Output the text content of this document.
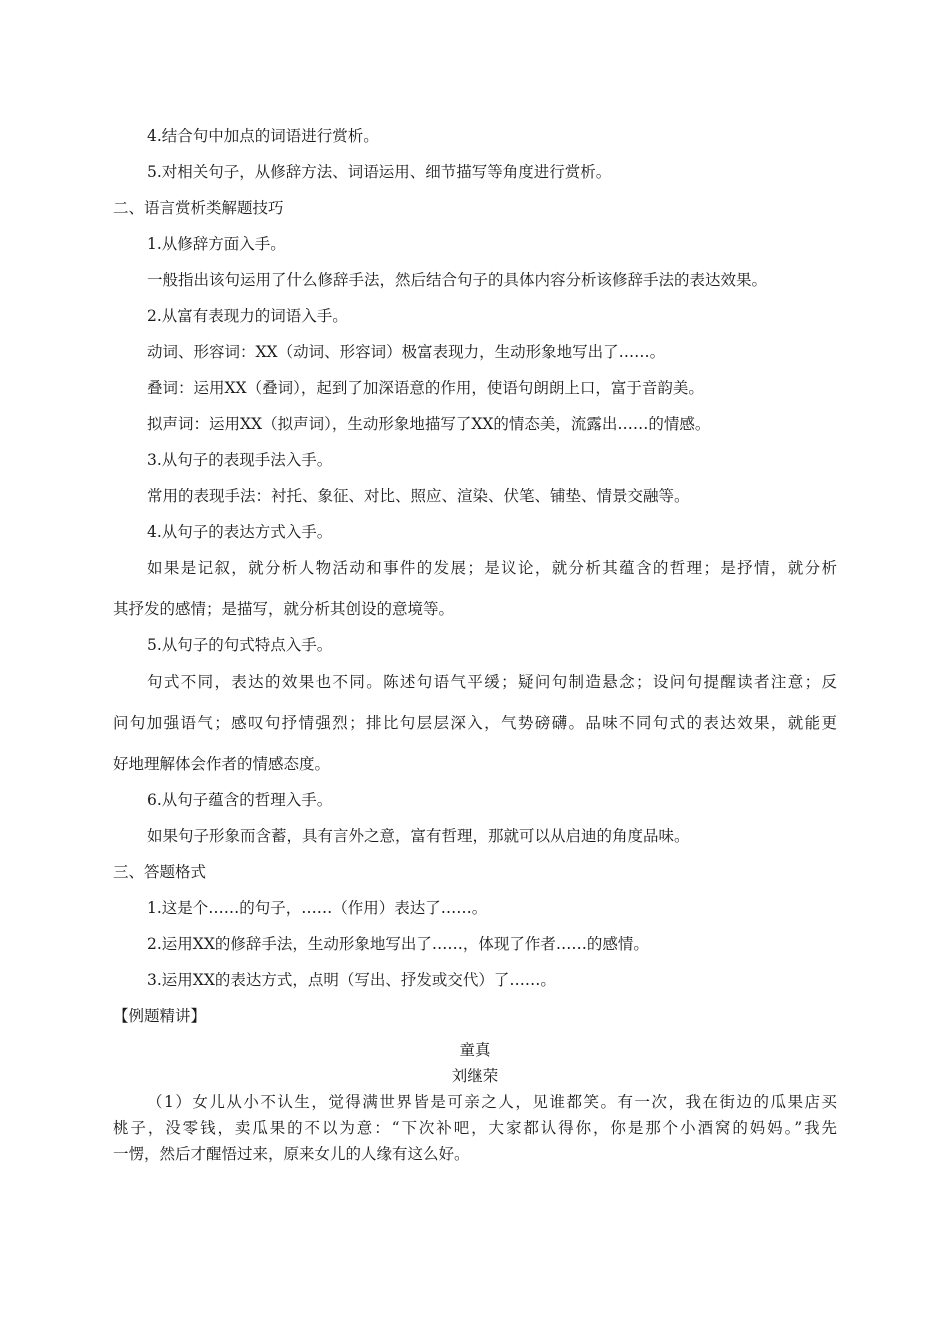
4.结合句中加点的词语进行赏析。
5.对相关句子，从修辞方法、词语运用、细节描写等角度进行赏析。
二、语言赏析类解题技巧
1.从修辞方面入手。
一般指出该句运用了什么修辞手法，然后结合句子的具体内容分析该修辞手法的表达效果。
2.从富有表现力的词语入手。
动词、形容词：XX（动词、形容词）极富表现力，生动形象地写出了……。
叠词：运用XX（叠词），起到了加深语意的作用，使语句朗朗上口，富于音韵美。
拟声词：运用XX（拟声词），生动形象地描写了XX的情态美，流露出……的情感。
3.从句子的表现手法入手。
常用的表现手法：衬托、象征、对比、照应、渲染、伏笔、铺垫、情景交融等。
4.从句子的表达方式入手。
如果是记叙，就分析人物活动和事件的发展；是议论，就分析其蕴含的哲理；是抒情，就分析
其抒发的感情；是描写，就分析其创设的意境等。
5.从句子的句式特点入手。
句式不同，表达的效果也不同。陈述句语气平缓；疑问句制造悬念；设问句提醒读者注意；反
问句加强语气；感叹句抒情强烈；排比句层层深入，气势磅礴。品味不同句式的表达效果，就能更
好地理解体会作者的情感态度。
6.从句子蕴含的哲理入手。
如果句子形象而含蓄，具有言外之意，富有哲理，那就可以从启迪的角度品味。
三、答题格式
1.这是个……的句子，……（作用）表达了……。
2.运用XX的修辞手法，生动形象地写出了……，体现了作者……的感情。
3.运用XX的表达方式，点明（写出、抒发或交代）了……。
【例题精讲】
童真
刘继荣
（1）女儿从小不认生，觉得满世界皆是可亲之人，见谁都笑。有一次，我在街边的瓜果店买
桃子，没零钱，卖瓜果的不以为意：“下次补吧，大家都认得你，你是那个小酒窝的妈妈。”我先
一愣，然后才醒悟过来，原来女儿的人缘有这么好。
